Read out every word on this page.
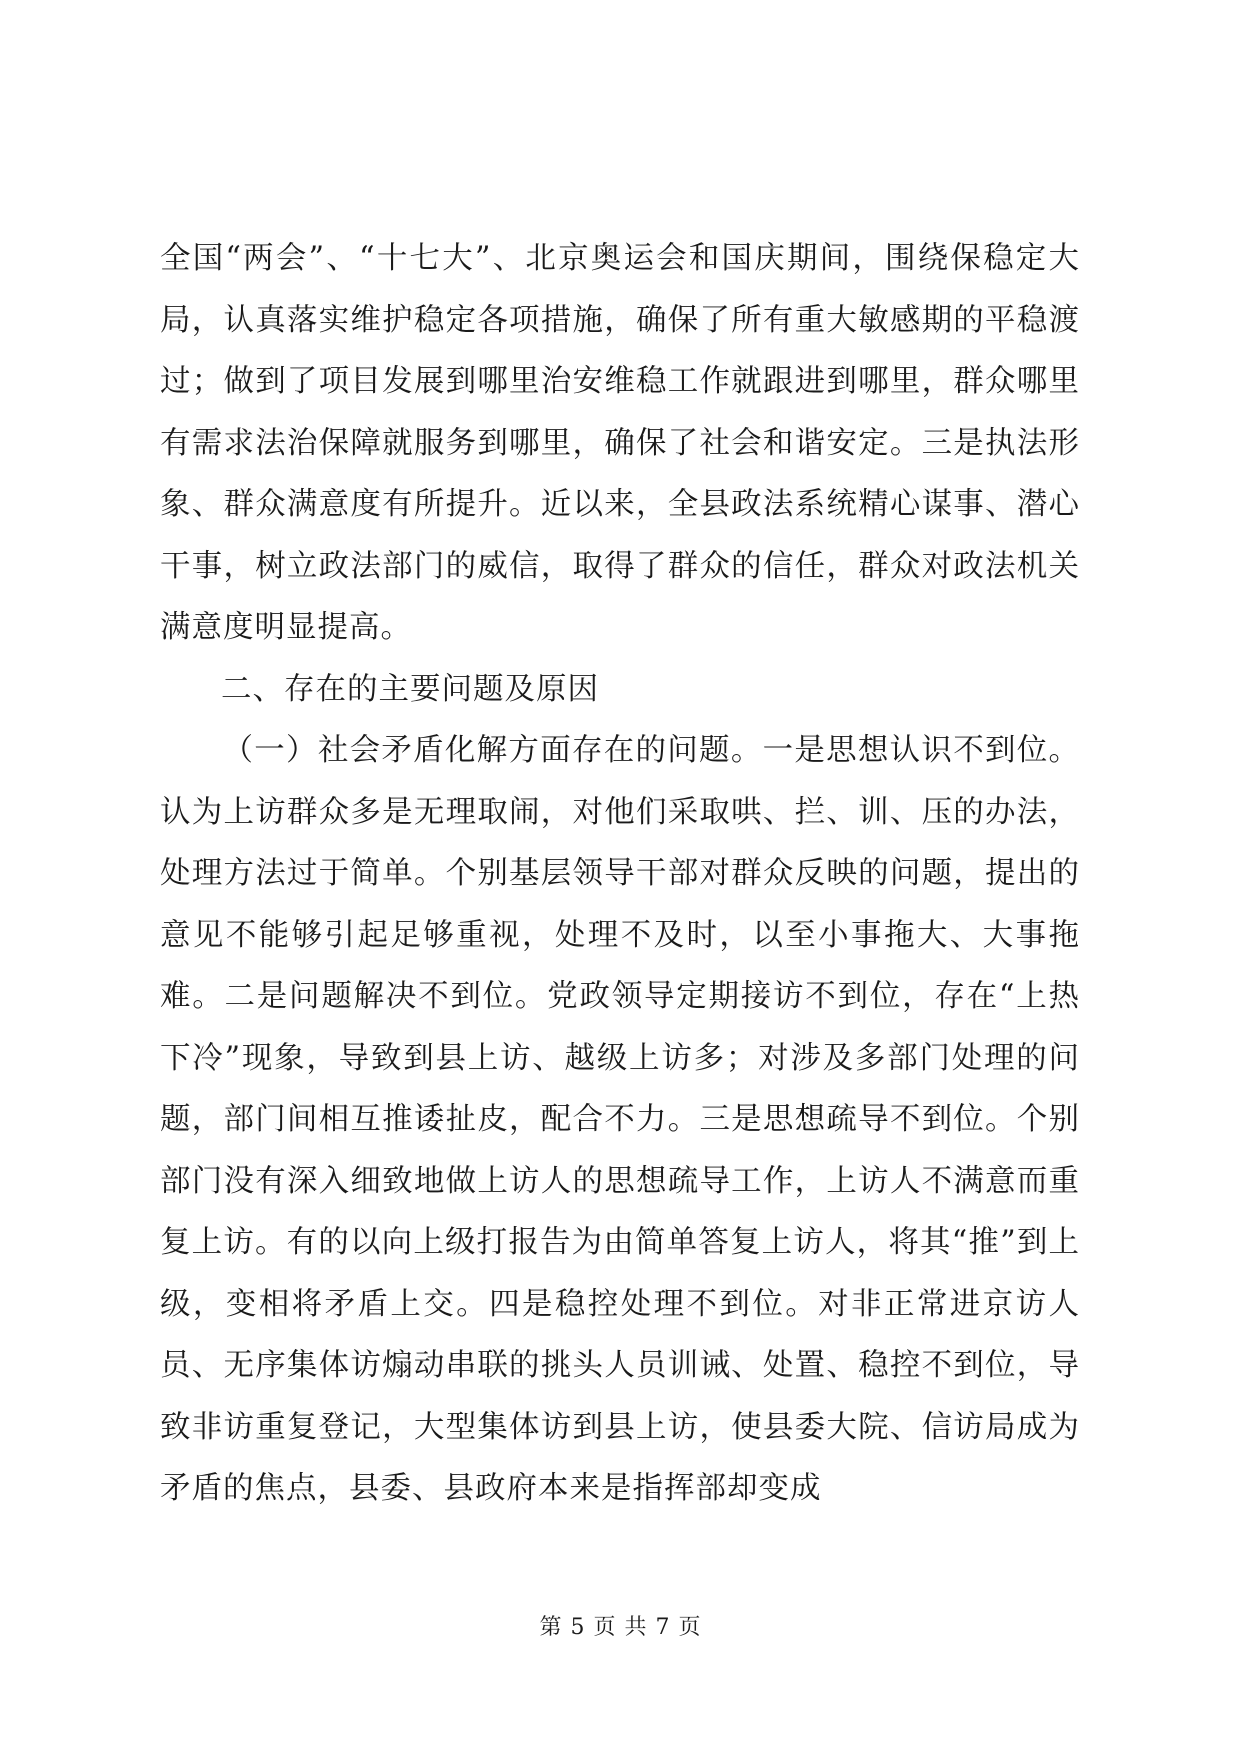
全国“两会”、“十七大”、北京奥运会和国庆期间，围绕保稳定大局，认真落实维护稳定各项措施，确保了所有重大敏感期的平稳渡过；做到了项目发展到哪里治安维稳工作就跟进到哪里，群众哪里有需求法治保障就服务到哪里，确保了社会和谐安定。三是执法形象、群众满意度有所提升。近以来，全县政法系统精心谋事、潜心干事，树立政法部门的威信，取得了群众的信任，群众对政法机关满意度明显提高。

二、存在的主要问题及原因

（一）社会矛盾化解方面存在的问题。一是思想认识不到位。认为上访群众多是无理取闹，对他们采取哄、拦、训、压的办法，处理方法过于简单。个别基层领导干部对群众反映的问题，提出的意见不能够引起足够重视，处理不及时，以至小事拖大、大事拖难。二是问题解决不到位。党政领导定期接访不到位，存在“上热下冷”现象，导致到县上访、越级上访多；对涉及多部门处理的问题，部门间相互推诿扯皮，配合不力。三是思想疏导不到位。个别部门没有深入细致地做上访人的思想疏导工作，上访人不满意而重复上访。有的以向上级打报告为由简单答复上访人，将其“推”到上级，变相将矛盾上交。四是稳控处理不到位。对非正常进京访人员、无序集体访煽动串联的挑头人员训诫、处置、稳控不到位，导致非访重复登记，大型集体访到县上访，使县委大院、信访局成为矛盾的焦点，县委、县政府本来是指挥部却变成

第 5 页 共 7 页
